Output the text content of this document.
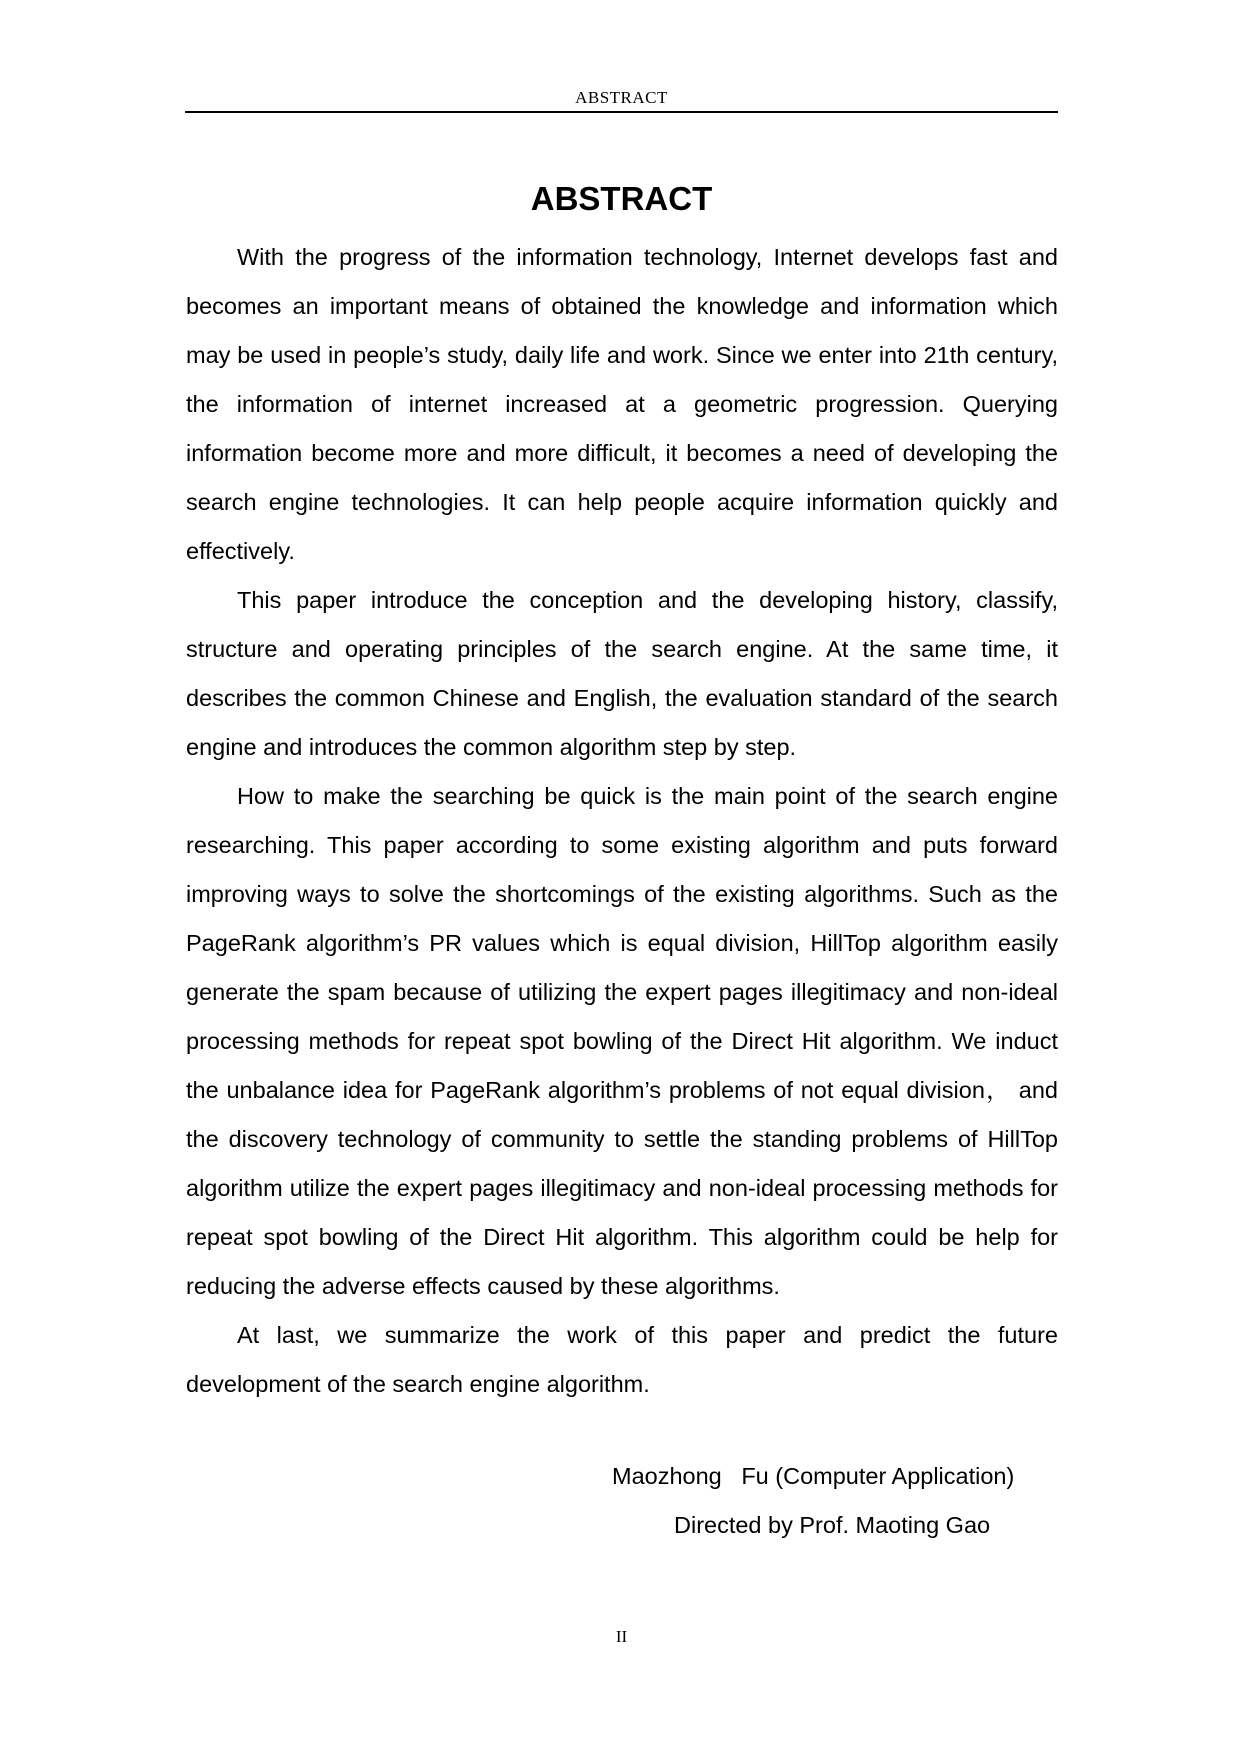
ABSTRACT
ABSTRACT

With the progress of the information technology, Internet develops fast and becomes an important means of obtained the knowledge and information which may be used in people’s study, daily life and work. Since we enter into 21th century, the information of internet increased at a geometric progression. Querying information become more and more difficult, it becomes a need of developing the search engine technologies. It can help people acquire information quickly and effectively.

This paper introduce the conception and the developing history, classify, structure and operating principles of the search engine. At the same time, it describes the common Chinese and English, the evaluation standard of the search engine and introduces the common algorithm step by step.

How to make the searching be quick is the main point of the search engine researching. This paper according to some existing algorithm and puts forward improving ways to solve the shortcomings of the existing algorithms. Such as the PageRank algorithm’s PR values which is equal division, HillTop algorithm easily generate the spam because of utilizing the expert pages illegitimacy and non-ideal processing methods for repeat spot bowling of the Direct Hit algorithm. We induct the unbalance idea for PageRank algorithm’s problems of not equal division， and the discovery technology of community to settle the standing problems of HillTop algorithm utilize the expert pages illegitimacy and non-ideal processing methods for repeat spot bowling of the Direct Hit algorithm. This algorithm could be help for reducing the adverse effects caused by these algorithms.

At last, we summarize the work of this paper and predict the future development of the search engine algorithm.

Maozhong   Fu (Computer Application)
Directed by Prof. Maoting Gao
II
